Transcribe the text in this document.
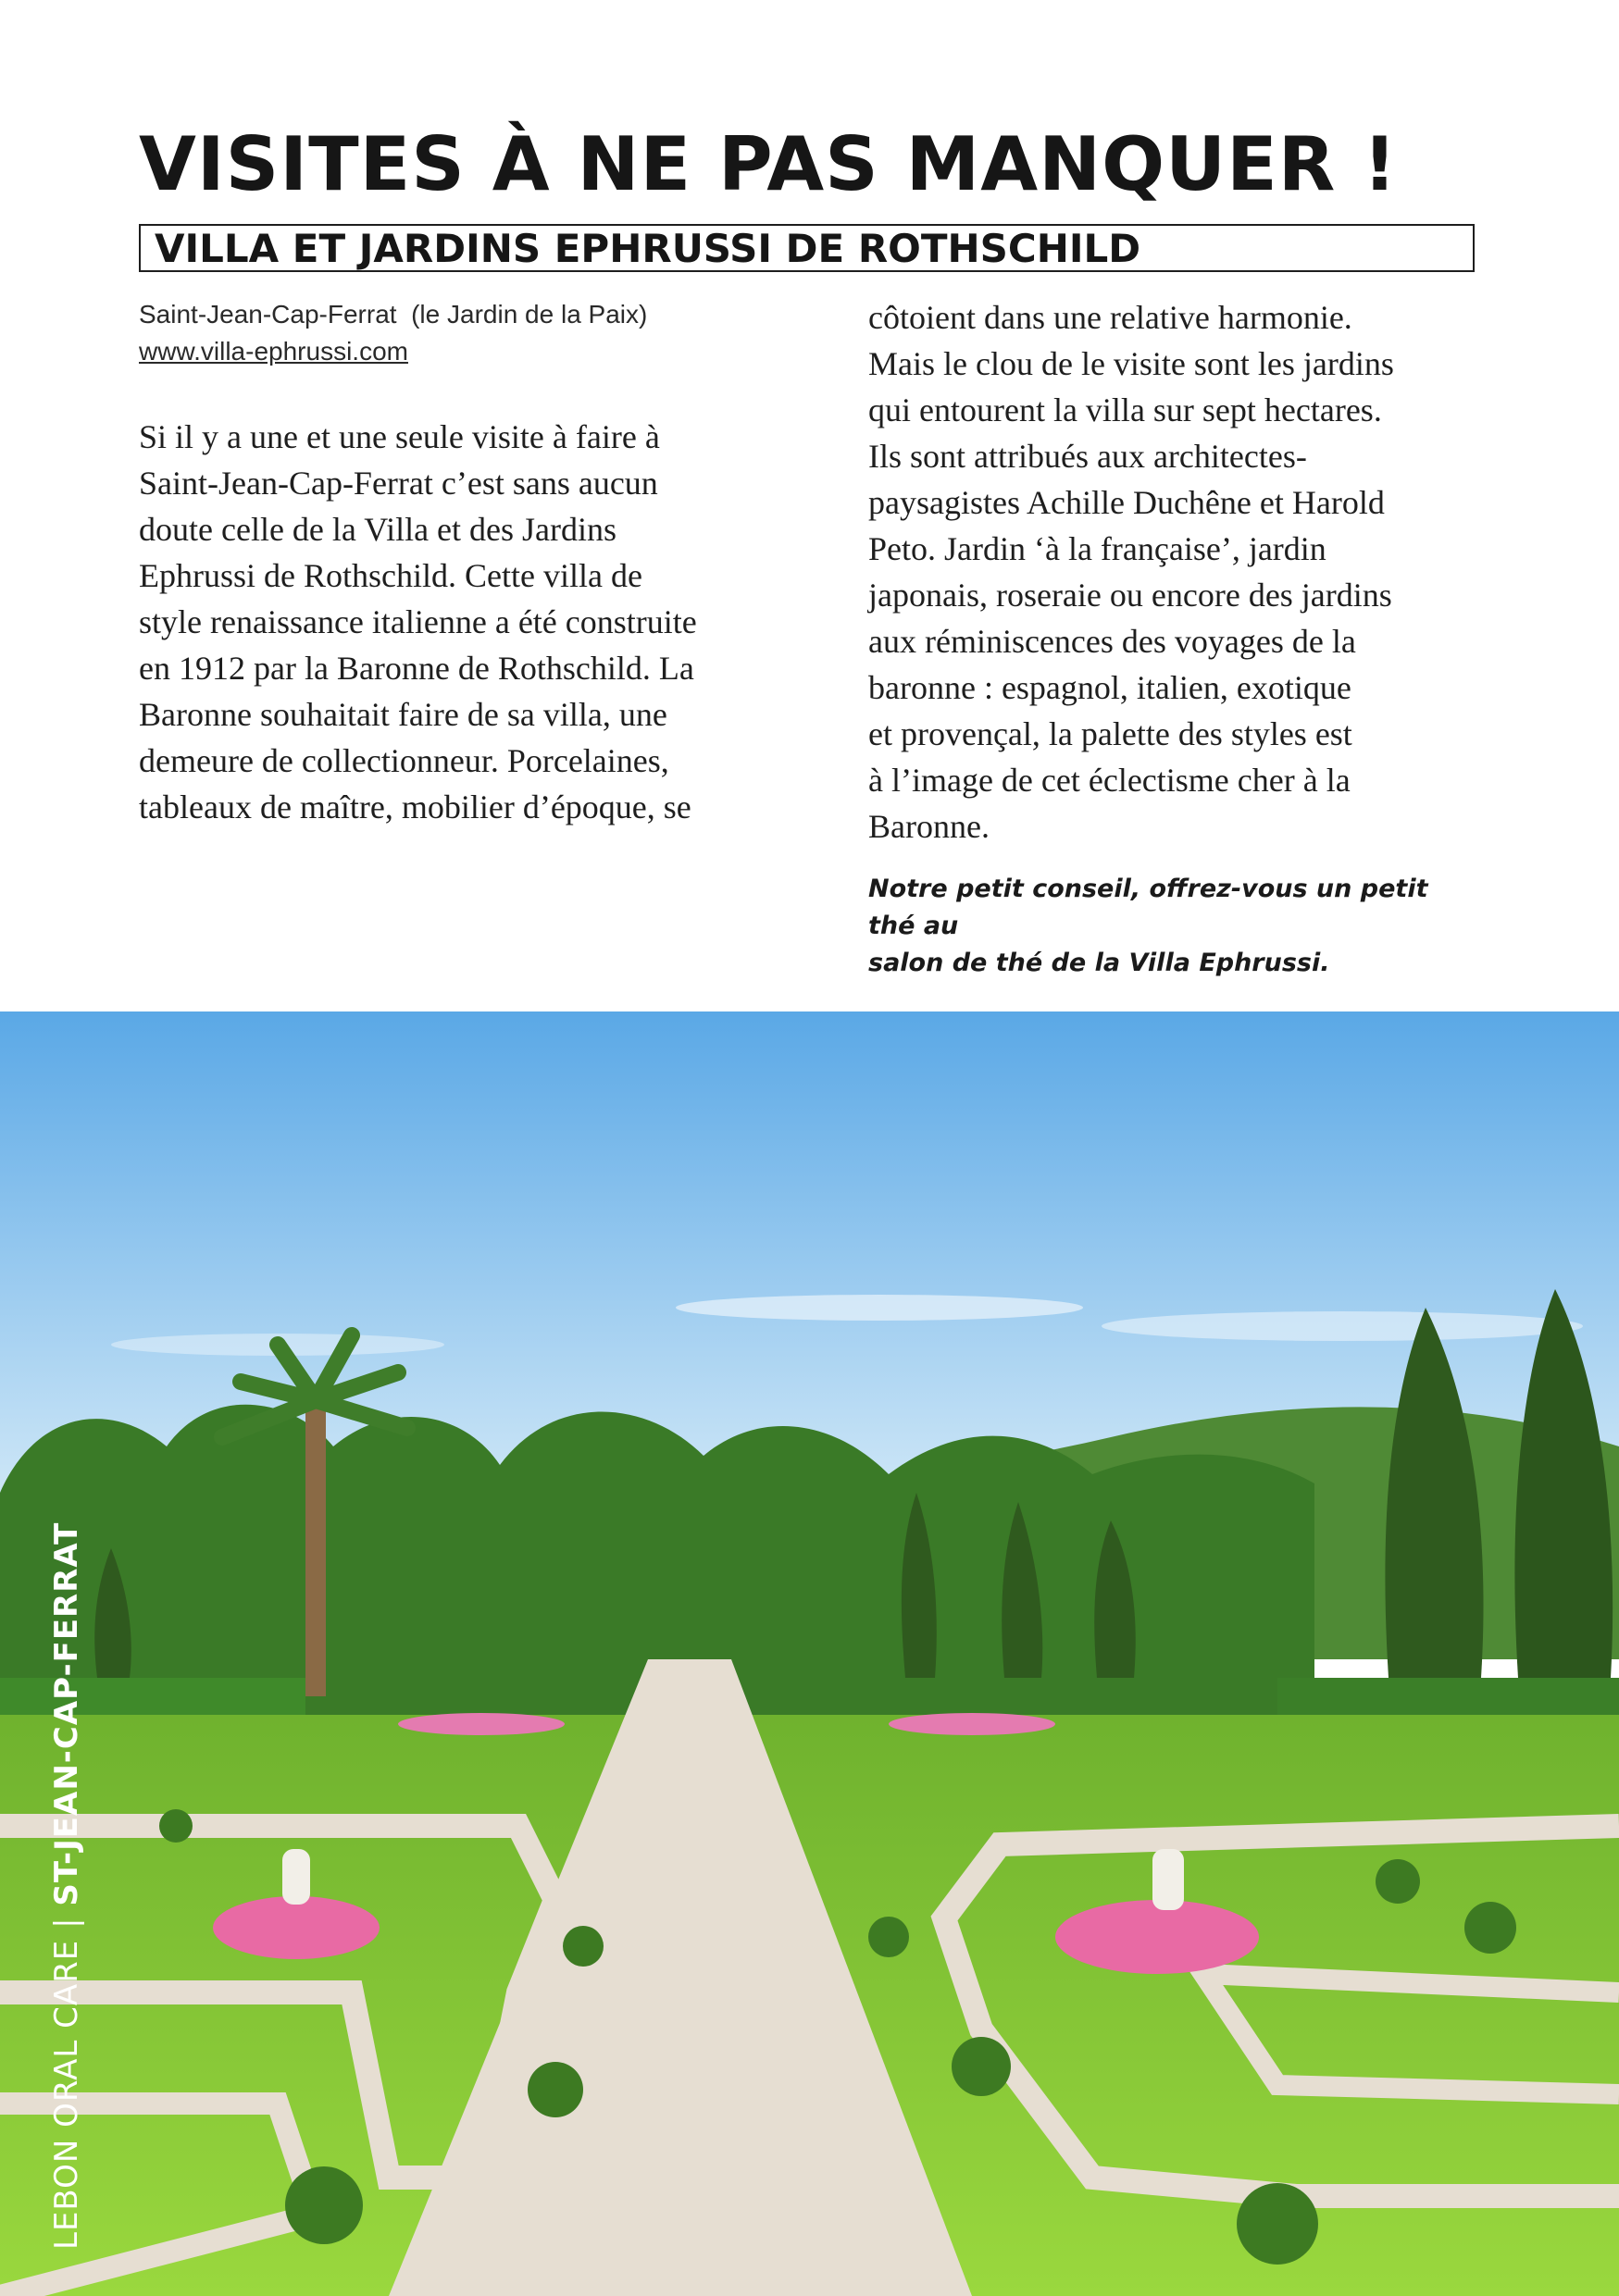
VISITES À NE PAS MANQUER !
VILLA ET JARDINS EPHRUSSI DE ROTHSCHILD
Saint-Jean-Cap-Ferrat  (le Jardin de la Paix)
www.villa-ephrussi.com

Si il y a une et une seule visite à faire à

Saint-Jean-Cap-Ferrat c’est sans aucun

doute celle de la Villa et des Jardins

Ephrussi de Rothschild. Cette villa de

style renaissance italienne a été construite

en 1912 par la Baronne de Rothschild. La

Baronne souhaitait faire de sa villa, une

demeure de collectionneur. Porcelaines,

tableaux de maître, mobilier d’époque, se

côtoient dans une relative harmonie.

Mais le clou de le visite sont les jardins

qui entourent la villa sur sept hectares.

Ils sont attribués aux architectes-

paysagistes Achille Duchêne et Harold

Peto. Jardin ‘à la française’, jardin

japonais, roseraie ou encore des jardins

aux réminiscences des voyages de la

baronne : espagnol, italien, exotique

et provençal, la palette des styles est

à l’image de cet éclectisme cher à la

Baronne.

Notre petit conseil, offrez-vous un petit thé au
salon de thé de la Villa Ephrussi.
LEBON ORAL CARE | ST-JEAN-CAP-FERRAT
